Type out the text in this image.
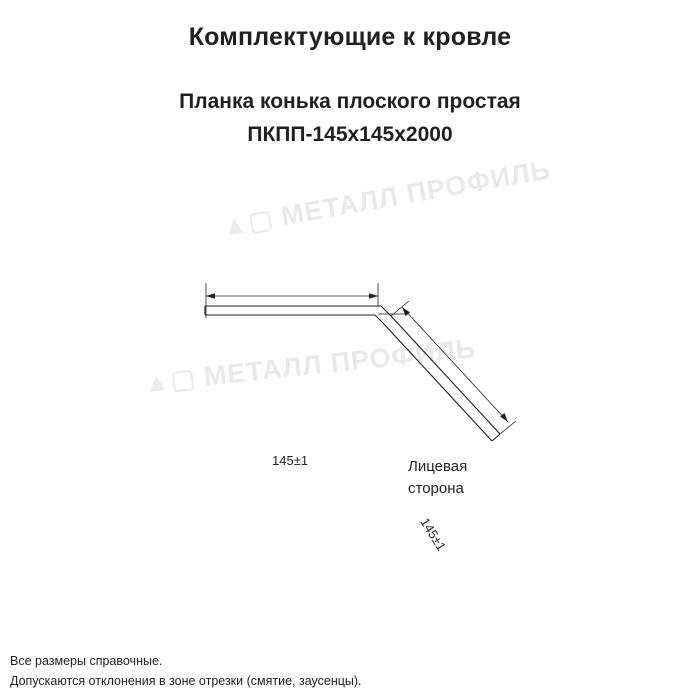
Комплектующие к кровле
Планка конька плоского простая
ПКПП-145x145x2000
▲▢МЕТАЛЛ ПРОФИЛЬ
▲▢ МЕТАЛЛ ПРОФИЛЬ
145±1
145±1
Лицевая
сторона
Все размеры справочные.
Допускаются отклонения в зоне отрезки (смятие, заусенцы).
